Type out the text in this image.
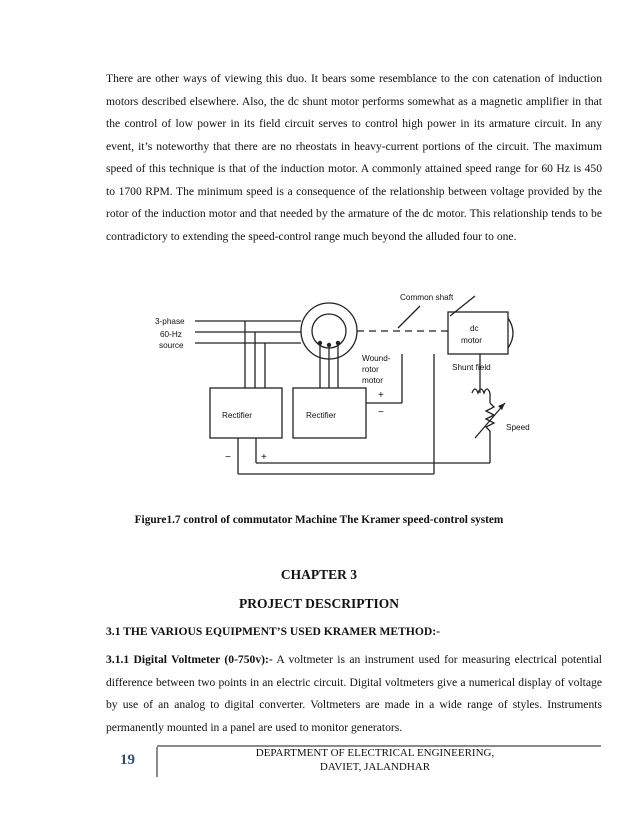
There are other ways of viewing this duo. It bears some resemblance to the con catenation of induction motors described elsewhere. Also, the dc shunt motor performs somewhat as a magnetic amplifier in that the control of low power in its field circuit serves to control high power in its armature circuit. In any event, it’s noteworthy that there are no rheostats in heavy-current portions of the circuit. The maximum speed of this technique is that of the induction motor. A commonly attained speed range for 60 Hz is 450 to 1700 RPM. The minimum speed is a consequence of the relationship between voltage provided by the rotor of the induction motor and that needed by the armature of the dc motor. This relationship tends to be contradictory to extending the speed-control range much beyond the alluded four to one.

Common shaft
3-phase
60-Hz
source
dc
motor
Wound-
rotor
motor
Shunt field
Rectifier	Rectifier
Speed
+
−
−	+
Figure1.7 control of commutator Machine The Kramer speed-control system
CHAPTER 3
PROJECT DESCRIPTION
3.1 THE VARIOUS EQUIPMENT’S USED KRAMER METHOD:-

3.1.1 Digital Voltmeter (0-750v):- A voltmeter is an instrument used for measuring electrical potential difference between two points in an electric circuit. Digital voltmeters give a numerical display of voltage by use of an analog to digital converter. Voltmeters are made in a wide range of styles. Instruments permanently mounted in a panel are used to monitor generators.

19	DEPARTMENT OF ELECTRICAL ENGINEERING,
DAVIET, JALANDHAR
